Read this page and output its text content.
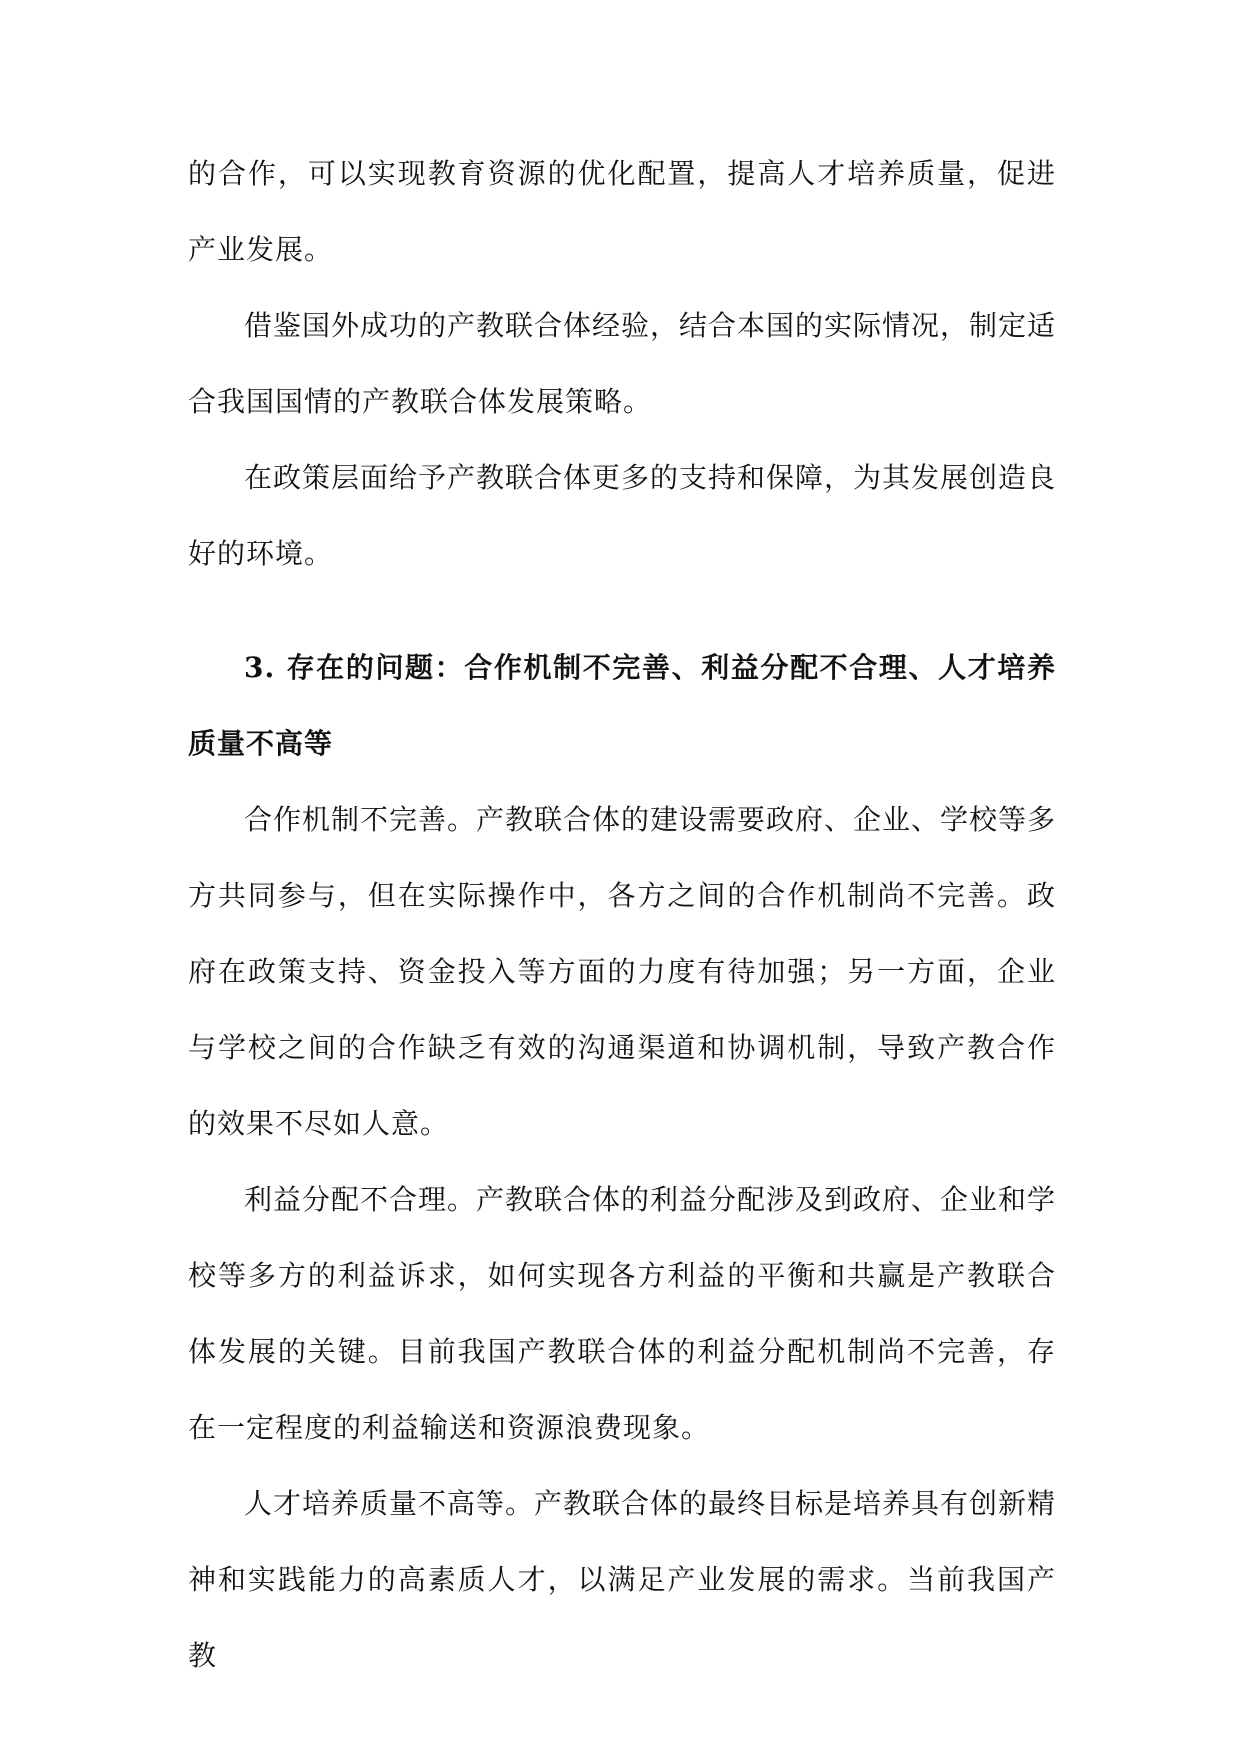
的合作，可以实现教育资源的优化配置，提高人才培养质量，促进产业发展。

借鉴国外成功的产教联合体经验，结合本国的实际情况，制定适合我国国情的产教联合体发展策略。

在政策层面给予产教联合体更多的支持和保障，为其发展创造良好的环境。

3. 存在的问题：合作机制不完善、利益分配不合理、人才培养质量不高等

合作机制不完善。产教联合体的建设需要政府、企业、学校等多方共同参与，但在实际操作中，各方之间的合作机制尚不完善。政府在政策支持、资金投入等方面的力度有待加强；另一方面，企业与学校之间的合作缺乏有效的沟通渠道和协调机制，导致产教合作的效果不尽如人意。

利益分配不合理。产教联合体的利益分配涉及到政府、企业和学校等多方的利益诉求，如何实现各方利益的平衡和共赢是产教联合体发展的关键。目前我国产教联合体的利益分配机制尚不完善，存在一定程度的利益输送和资源浪费现象。

人才培养质量不高等。产教联合体的最终目标是培养具有创新精神和实践能力的高素质人才，以满足产业发展的需求。当前我国产教
